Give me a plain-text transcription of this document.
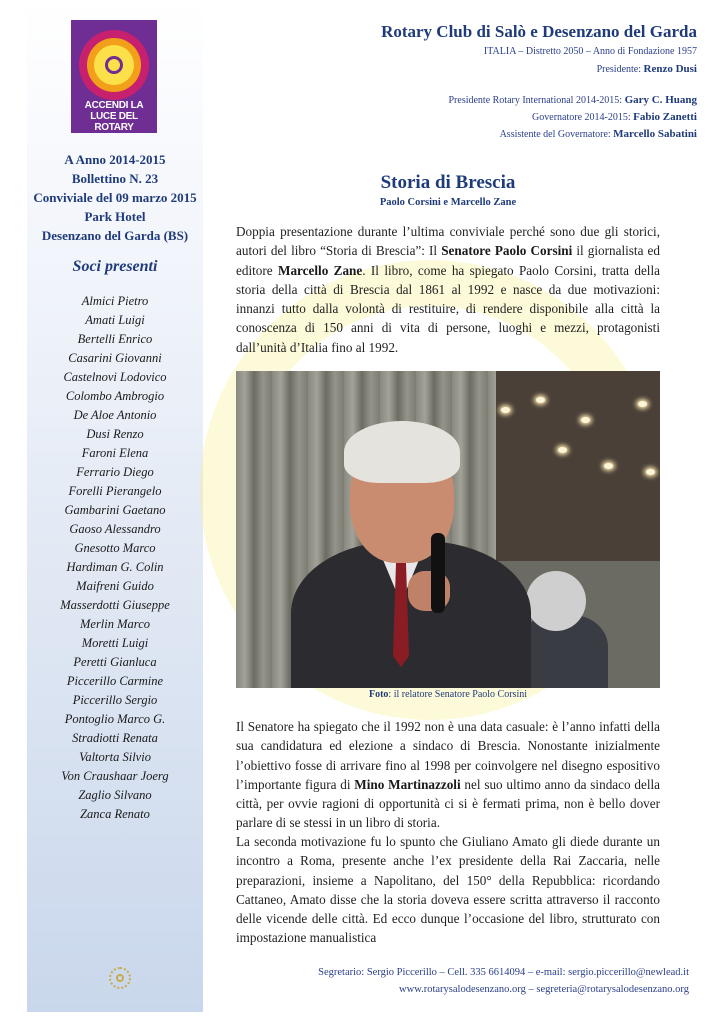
ACCENDI LA LUCE DEL ROTARY
A Anno 2014-2015
Bollettino N. 23
Conviviale del 09 marzo 2015
Park Hotel
Desenzano del Garda (BS)
Soci presenti
Almici Pietro
Amati Luigi
Bertelli Enrico
Casarini Giovanni
Castelnovi Lodovico
Colombo Ambrogio
De Aloe Antonio
Dusi Renzo
Faroni Elena
Ferrario Diego
Forelli Pierangelo
Gambarini Gaetano
Gaoso Alessandro
Gnesotto Marco
Hardiman G. Colin
Maifreni Guido
Masserdotti Giuseppe
Merlin Marco
Moretti Luigi
Peretti Gianluca
Piccerillo Carmine
Piccerillo Sergio
Pontoglio Marco G.
Stradiotti Renata
Valtorta Silvio
Von Craushaar Joerg
Zaglio Silvano
Zanca Renato
Rotary Club di Salò e Desenzano del Garda
ITALIA – Distretto 2050 – Anno di Fondazione 1957
Presidente: Renzo Dusi
Presidente Rotary International 2014-2015: Gary C. Huang
Governatore 2014-2015: Fabio Zanetti
Assistente del Governatore: Marcello Sabatini
Storia di Brescia
Paolo Corsini e Marcello Zane

Doppia presentazione durante l’ultima conviviale perché sono due gli storici, autori del libro “Storia di Brescia”: Il Senatore Paolo Corsini il giornalista ed editore Marcello Zane. Il libro, come ha spiegato Paolo Corsini, tratta della storia della città di Brescia dal 1861 al 1992 e nasce da due motivazioni: innanzi tutto dalla volontà di restituire, di rendere disponibile alla città la conoscenza di 150 anni di vita di persone, luoghi e mezzi, protagonisti dall’unità d’Italia fino al 1992.

Foto: il relatore Senatore Paolo Corsini

Il Senatore ha spiegato che il 1992 non è una data casuale: è l’anno infatti della sua candidatura ed elezione a sindaco di Brescia. Nonostante inizialmente l’obiettivo fosse di arrivare fino al 1998 per coinvolgere nel disegno espositivo l’importante figura di Mino Martinazzoli nel suo ultimo anno da sindaco della città, per ovvie ragioni di opportunità ci si è fermati prima, non è bello dover parlare di se stessi in un libro di storia.

La seconda motivazione fu lo spunto che Giuliano Amato gli diede durante un incontro a Roma, presente anche l’ex presidente della Rai Zaccaria, nelle preparazioni, insieme a Napolitano, del 150° della Repubblica: ricordando Cattaneo, Amato disse che la storia doveva essere scritta attraverso il racconto delle vicende delle città. Ed ecco dunque l’occasione del libro, strutturato con impostazione manualistica

Segretario: Sergio Piccerillo – Cell. 335 6614094 – e-mail: sergio.piccerillo@newlead.it
www.rotarysalodesenzano.org – segreteria@rotarysalodesenzano.org
